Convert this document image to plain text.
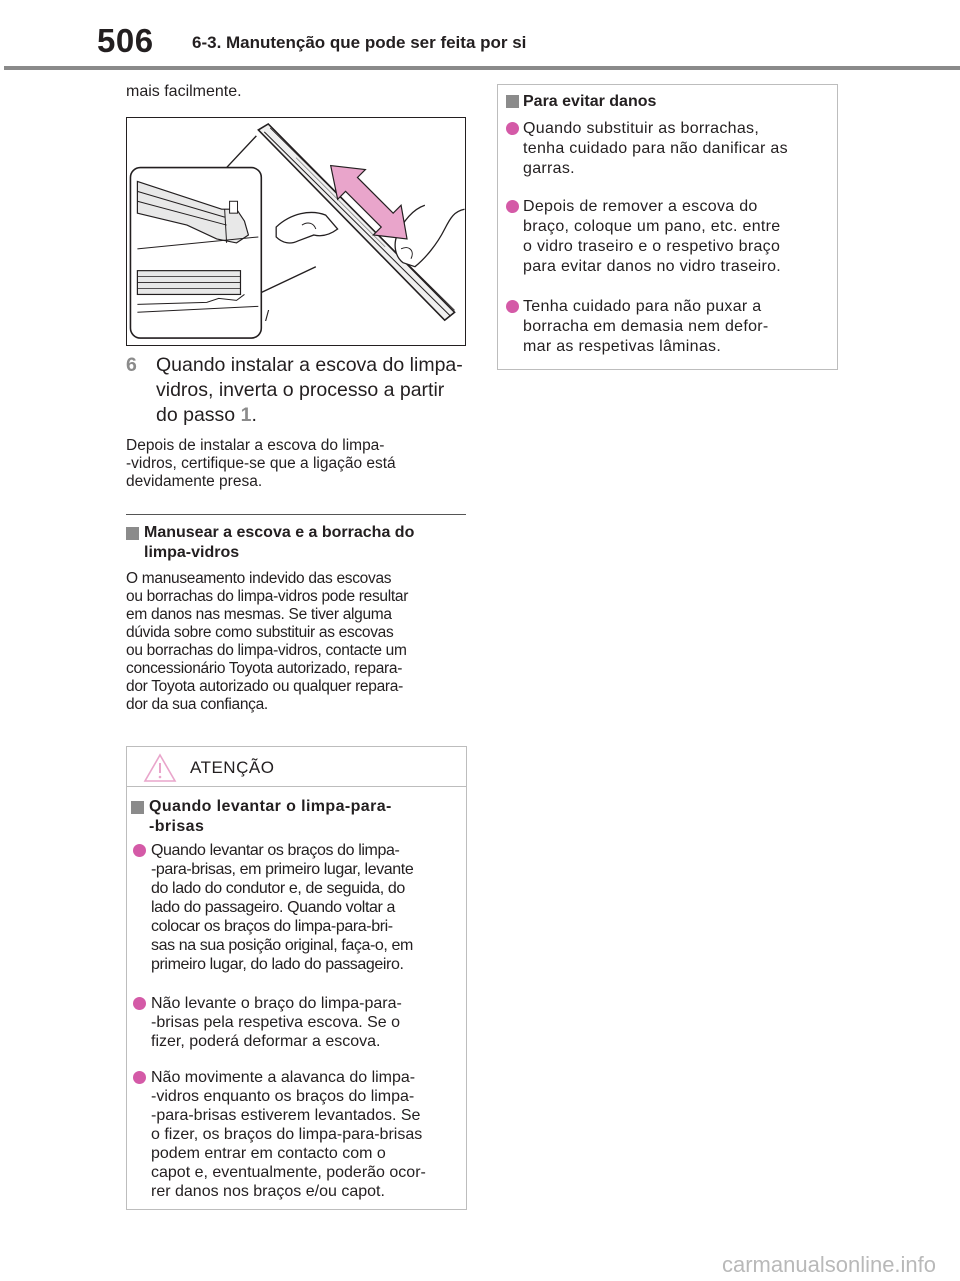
506 6-3. Manutenção que pode ser feita por si
mais facilmente.
/
6 Quando instalar a escova do limpa-vidros, inverta o processo a partir do passo 1.
Depois de instalar a escova do limpa-
-vidros, certifique-se que a ligação está
devidamente presa.
Manusear a escova e a borracha do
limpa-vidros
O manuseamento indevido das escovas
ou borrachas do limpa-vidros pode resultar
em danos nas mesmas. Se tiver alguma
dúvida sobre como substituir as escovas
ou borrachas do limpa-vidros, contacte um
concessionário Toyota autorizado, repara-
dor Toyota autorizado ou qualquer repara-
dor da sua confiança.
ATENÇÃO
Quando levantar o limpa-para-
-brisas
Quando levantar os braços do limpa-
-para-brisas, em primeiro lugar, levante
do lado do condutor e, de seguida, do
lado do passageiro. Quando voltar a
colocar os braços do limpa-para-bri-
sas na sua posição original, faça-o, em
primeiro lugar, do lado do passageiro.
Não levante o braço do limpa-para-
-brisas pela respetiva escova. Se o
fizer, poderá deformar a escova.
Não movimente a alavanca do limpa-
-vidros enquanto os braços do limpa-
-para-brisas estiverem levantados. Se
o fizer, os braços do limpa-para-brisas
podem entrar em contacto com o
capot e, eventualmente, poderão ocor-
rer danos nos braços e/ou capot.
Para evitar danos
Quando substituir as borrachas,
tenha cuidado para não danificar as
garras.
Depois de remover a escova do
braço, coloque um pano, etc. entre
o vidro traseiro e o respetivo braço
para evitar danos no vidro traseiro.
Tenha cuidado para não puxar a
borracha em demasia nem defor-
mar as respetivas lâminas.
carmanualsonline.info
